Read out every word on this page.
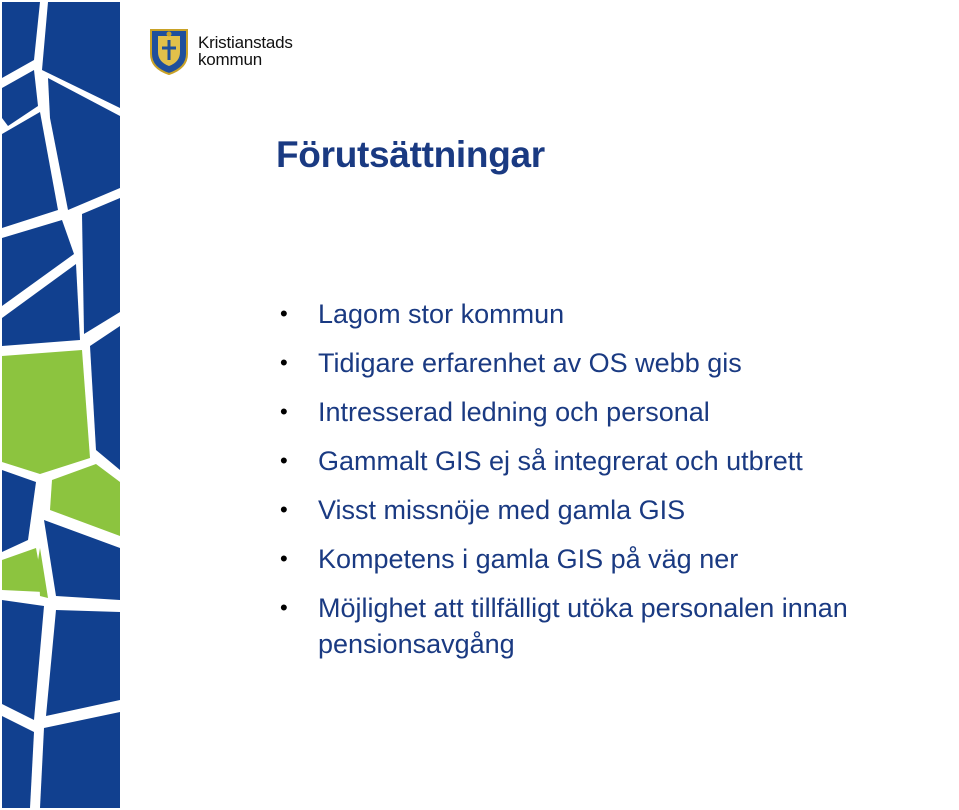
Kristianstads
kommun
Förutsättningar
• Lagom stor kommun
• Tidigare erfarenhet av OS webb gis
• Intresserad ledning och personal
• Gammalt GIS ej så integrerat och utbrett
• Visst missnöje med gamla GIS
• Kompetens i gamla GIS på väg ner
• Möjlighet att tillfälligt utöka personalen innan pensionsavgång
